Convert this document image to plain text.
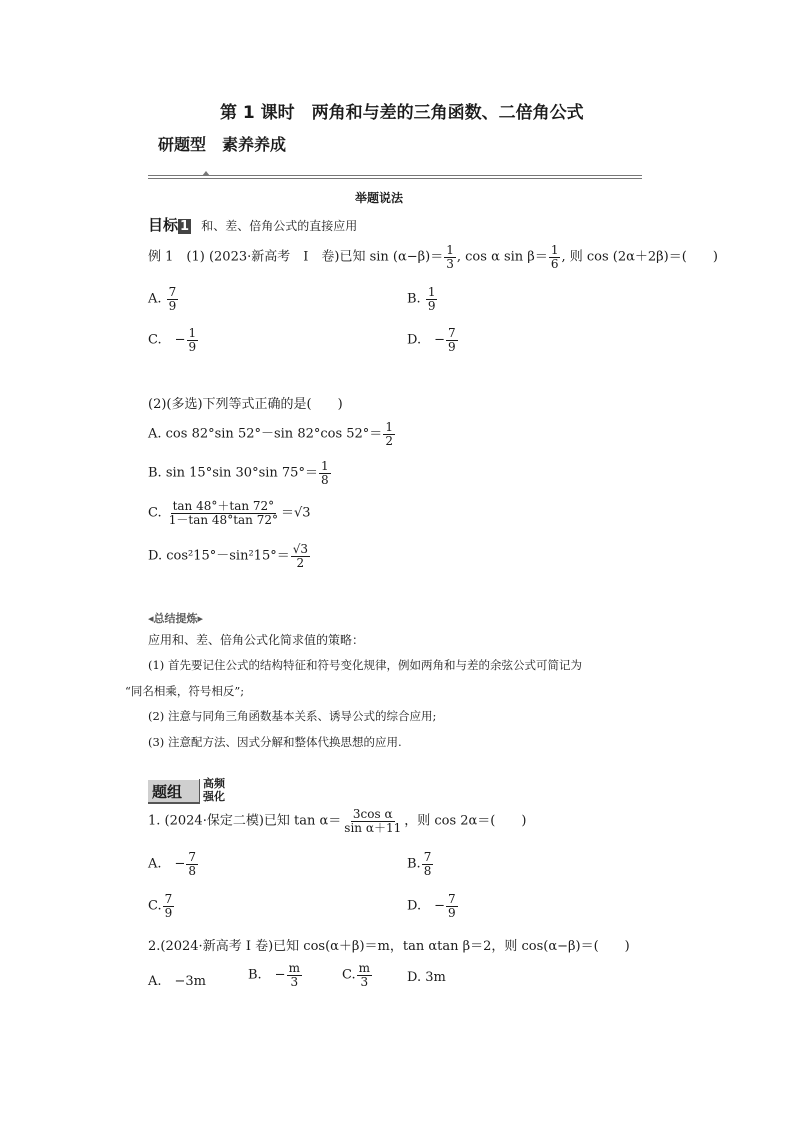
第 1 课时　两角和与差的三角函数、二倍角公式
研题型　素养养成
举题说法
目标 1 和、差、倍角公式的直接应用
例 1　(1) (2023·新高考　Ⅰ　卷)已知 $\sin (\alpha-\beta)= \frac{1}{3}$ , cos α $\sin \beta= \frac{1}{6}$ , 则 cos (2α＋2β)＝(　　)
A. $\frac{7}{9}$	B. $\frac{1}{9}$
C.　− $\frac{1}{9}$	D.　− $\frac{7}{9}$
(2)(多选)下列等式正确的是(　　)
A. cos 82°sin 52°－sin 82°cos $52^\circ= \frac{1}{2}$
B. sin 15°sin 30°sin $75^\circ= \frac{1}{8}$
C. $\frac{\tan 48^\circ+\tan 72^\circ}{1-\tan 48^\circ\tan 72^\circ} =√3$
D. $\cos^215^\circ-\sin^215^\circ= \frac{√3}{2}$
◂总结提炼▸
应用和、差、倍角公式化简求值的策略：
(1) 首先要记住公式的结构特征和符号变化规律，例如两角和与差的余弦公式可简记为
“同名相乘，符号相反”;
(2) 注意与同角三角函数基本关系、诱导公式的综合应用;
(3) 注意配方法、因式分解和整体代换思想的应用.
题组 高频
强化
1. (2024·保定二模)已知 $\tan \alpha= \frac{\text{3cos α}}{\text{sin α＋11}}$ ，则 cos 2α＝(　　)
A.　− $\frac{7}{8}$	B. $\frac{7}{8}$
C. $\frac{7}{9}$	D.　− $\frac{7}{9}$
2.(2024·新高考 Ⅰ 卷)已知 cos(α＋β)＝m，tan αtan β＝2，则 cos(α−β)＝(　　)
A.　−3m	B.　− $\frac{m}{3}$	C. $\frac{m}{3}$	D. 3m
